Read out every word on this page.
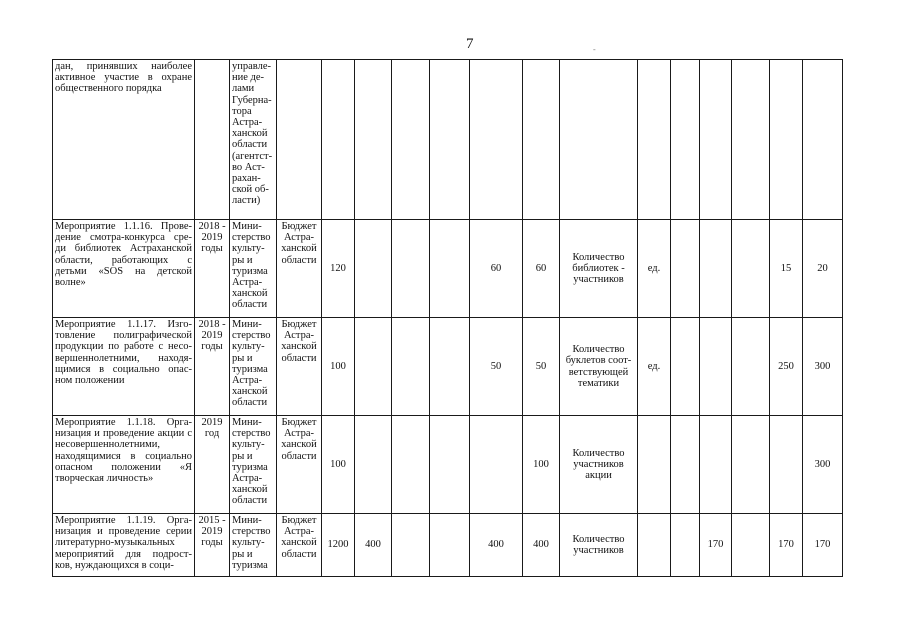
7	-
дан, принявших наиболее активное участие в охране общественного порядка		управле- ние де- лами Губерна- тора Астра- ханской области (агентст- во Аст- рахан- ской об- ласти)														
Мероприятие 1.1.16. Прове- дение смотра-конкурса сре- ди библиотек Астраханской области, работающих с детьми «SOS на детской волне»	2018 - 2019 годы	Мини- стерство культу- ры и туризма Астра- ханской области	Бюджет Астра- ханской области	120				60	60	Количество библиотек - участников	ед.				15	20
Мероприятие 1.1.17. Изго- товление полиграфической продукции по работе с несо- вершеннолетними, находя- щимися в социально опас- ном положении	2018 - 2019 годы	Мини- стерство культу- ры и туризма Астра- ханской области	Бюджет Астра- ханской области	100				50	50	Количество буклетов соот- ветствующей тематики	ед.				250	300
Мероприятие 1.1.18. Орга- низация и проведение акции с несовершеннолетними, находящимися в социально опасном положении «Я творческая личность»	2019 год	Мини- стерство культу- ры и туризма Астра- ханской области	Бюджет Астра- ханской области	100					100	Количество участников акции						300
Мероприятие 1.1.19. Орга- низация и проведение серии литературно-музыкальных мероприятий для подрост- ков, нуждающихся в соци-	2015 - 2019 годы	Мини- стерство культу- ры и туризма	Бюджет Астра- ханской области	1200	400			400	400	Количество участников			170		170	170
